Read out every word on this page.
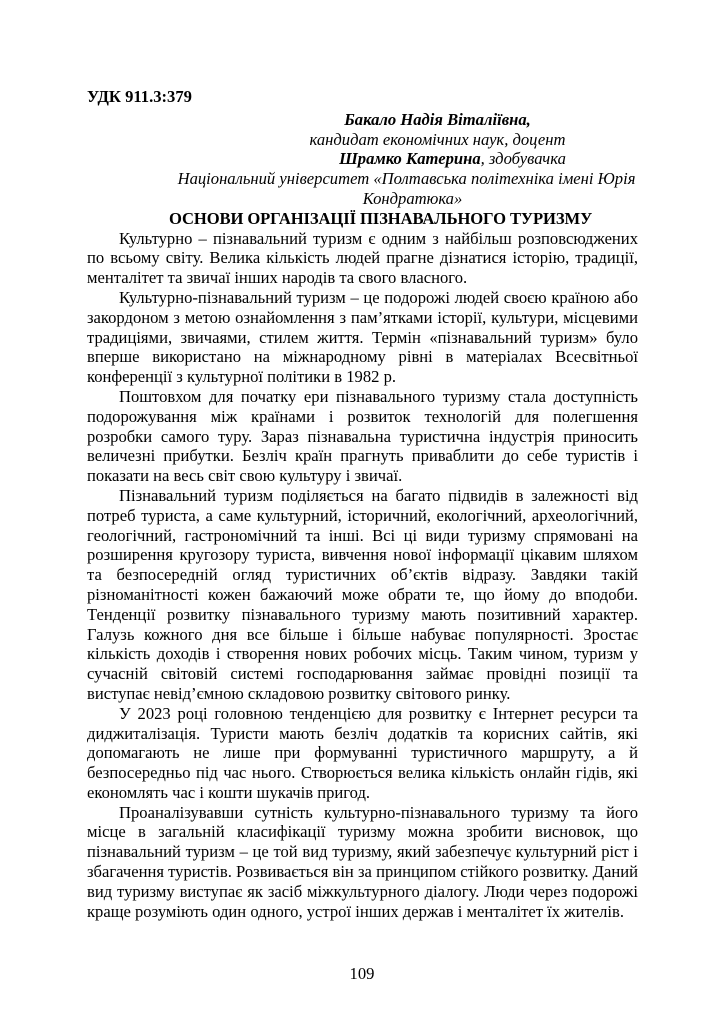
УДК 911.3:379

Бакало Надія Віталіївна,
кандидат економічних наук, доцент
Шрамко Катерина, здобувачка
Національний університет «Полтавська політехніка імені Юрія
Кондратюка»

ОСНОВИ ОРГАНІЗАЦІЇ ПІЗНАВАЛЬНОГО ТУРИЗМУ

Культурно – пізнавальний туризм є одним з найбільш розповсюджених по всьому світу. Велика кількість людей прагне дізнатися історію, традиції, менталітет та звичаї інших народів та свого власного.

Культурно-пізнавальний туризм – це подорожі людей своєю країною або закордоном з метою ознайомлення з пам’ятками історії, культури, місцевими традиціями, звичаями, стилем життя. Термін «пізнавальний туризм» було вперше використано на міжнародному рівні в матеріалах Всесвітньої конференції з культурної політики в 1982 р.

Поштовхом для початку ери пізнавального туризму стала доступність подорожування між країнами і розвиток технологій для полегшення розробки самого туру. Зараз пізнавальна туристична індустрія приносить величезні прибутки. Безліч країн прагнуть приваблити до себе туристів і показати на весь світ свою культуру і звичаї.

Пізнавальний туризм поділяється на багато підвидів в залежності від потреб туриста, а саме культурний, історичний, екологічний, археологічний, геологічний, гастрономічний та інші. Всі ці види туризму спрямовані на розширення кругозору туриста, вивчення нової інформації цікавим шляхом та безпосередній огляд туристичних об’єктів відразу. Завдяки такій різноманітності кожен бажаючий може обрати те, що йому до вподоби. Тенденції розвитку пізнавального туризму мають позитивний характер. Галузь кожного дня все більше і більше набуває популярності. Зростає кількість доходів і створення нових робочих місць. Таким чином, туризм у сучасній світовій системі господарювання займає провідні позиції та виступає невід’ємною складовою розвитку світового ринку.

У 2023 році головною тенденцією для розвитку є Інтернет ресурси та диджиталізація. Туристи мають безліч додатків та корисних сайтів, які допомагають не лише при формуванні туристичного маршруту, а й безпосередньо під час нього. Створюється велика кількість онлайн гідів, які економлять час і кошти шукачів пригод.

Проаналізувавши сутність культурно-пізнавального туризму та його місце в загальній класифікації туризму можна зробити висновок, що пізнавальний туризм – це той вид туризму, який забезпечує культурний ріст і збагачення туристів. Розвивається він за принципом стійкого розвитку. Даний вид туризму виступає як засіб міжкультурного діалогу. Люди через подорожі краще розуміють один одного, устрої інших держав і менталітет їх жителів.

109
